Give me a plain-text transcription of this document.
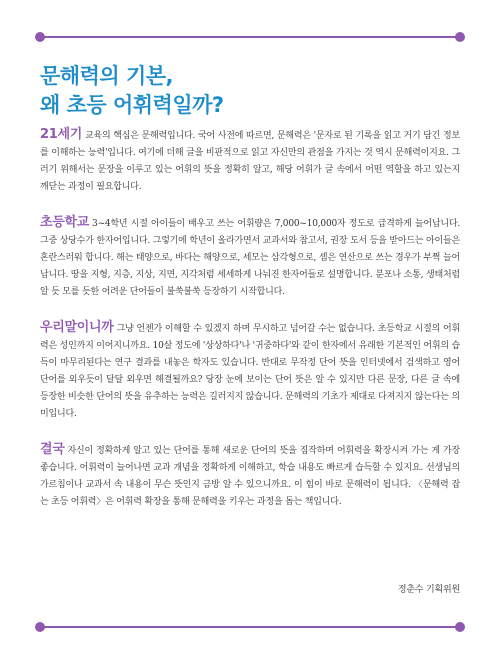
문해력의 기본,
왜 초등 어휘력일까?

21세기 교육의 핵심은 문해력입니다. 국어 사전에 따르면, 문해력은 '문자로 된 기록을 읽고 거기 담긴 정보를 이해하는 능력'입니다. 여기에 더해 글을 비판적으로 읽고 자신만의 관점을 가지는 것 역시 문해력이지요. 그러기 위해서는 문장을 이루고 있는 어휘의 뜻을 정확히 알고, 해당 어휘가 글 속에서 어떤 역할을 하고 있는지 깨닫는 과정이 필요합니다.

초등학교 3~4학년 시절 아이들이 배우고 쓰는 어휘량은 7,000~10,000자 정도로 급격하게 늘어납니다. 그중 상당수가 한자어입니다. 그렇기에 학년이 올라가면서 교과서와 참고서, 권장 도서 등을 받아드는 아이들은 혼란스러워 합니다. 해는 태양으로, 바다는 해양으로, 세모는 삼각형으로, 셈은 연산으로 쓰는 경우가 부쩍 늘어납니다. 땅을 지형, 지층, 지상, 지면, 지각처럼 세세하게 나눠진 한자어들로 설명합니다. 분포나 소통, 생태처럼 알 듯 모를 듯한 어려운 단어들이 불쑥불쑥 등장하기 시작합니다.

우리말이니까 그냥 언젠가 이해할 수 있겠지 하며 무시하고 넘어갈 수는 없습니다. 초등학교 시절의 어휘력은 성인까지 이어지니까요. 10살 정도에 '상상하다'나 '귀중하다'와 같이 한자에서 유래한 기본적인 어휘의 습득이 마무리된다는 연구 결과를 내놓은 학자도 있습니다. 반대로 무작정 단어 뜻을 인터넷에서 검색하고 영어 단어를 외우듯이 달달 외우면 해결될까요? 당장 눈에 보이는 단어 뜻은 알 수 있지만 다른 문장, 다른 글 속에 등장한 비슷한 단어의 뜻을 유추하는 능력은 길러지지 않습니다. 문해력의 기초가 제대로 다져지지 않는다는 의미입니다.

결국 자신이 정확하게 알고 있는 단어를 통해 새로운 단어의 뜻을 짐작하며 어휘력을 확장시켜 가는 게 가장 좋습니다. 어휘력이 늘어나면 교과 개념을 정확하게 이해하고, 학습 내용도 빠르게 습득할 수 있지요. 선생님의 가르침이나 교과서 속 내용이 무슨 뜻인지 금방 알 수 있으니까요. 이 힘이 바로 문해력이 됩니다. 〈문해력 잡는 초등 어휘력〉은 어휘력 확장을 통해 문해력을 키우는 과정을 돕는 책입니다.

정춘수 기획위원
